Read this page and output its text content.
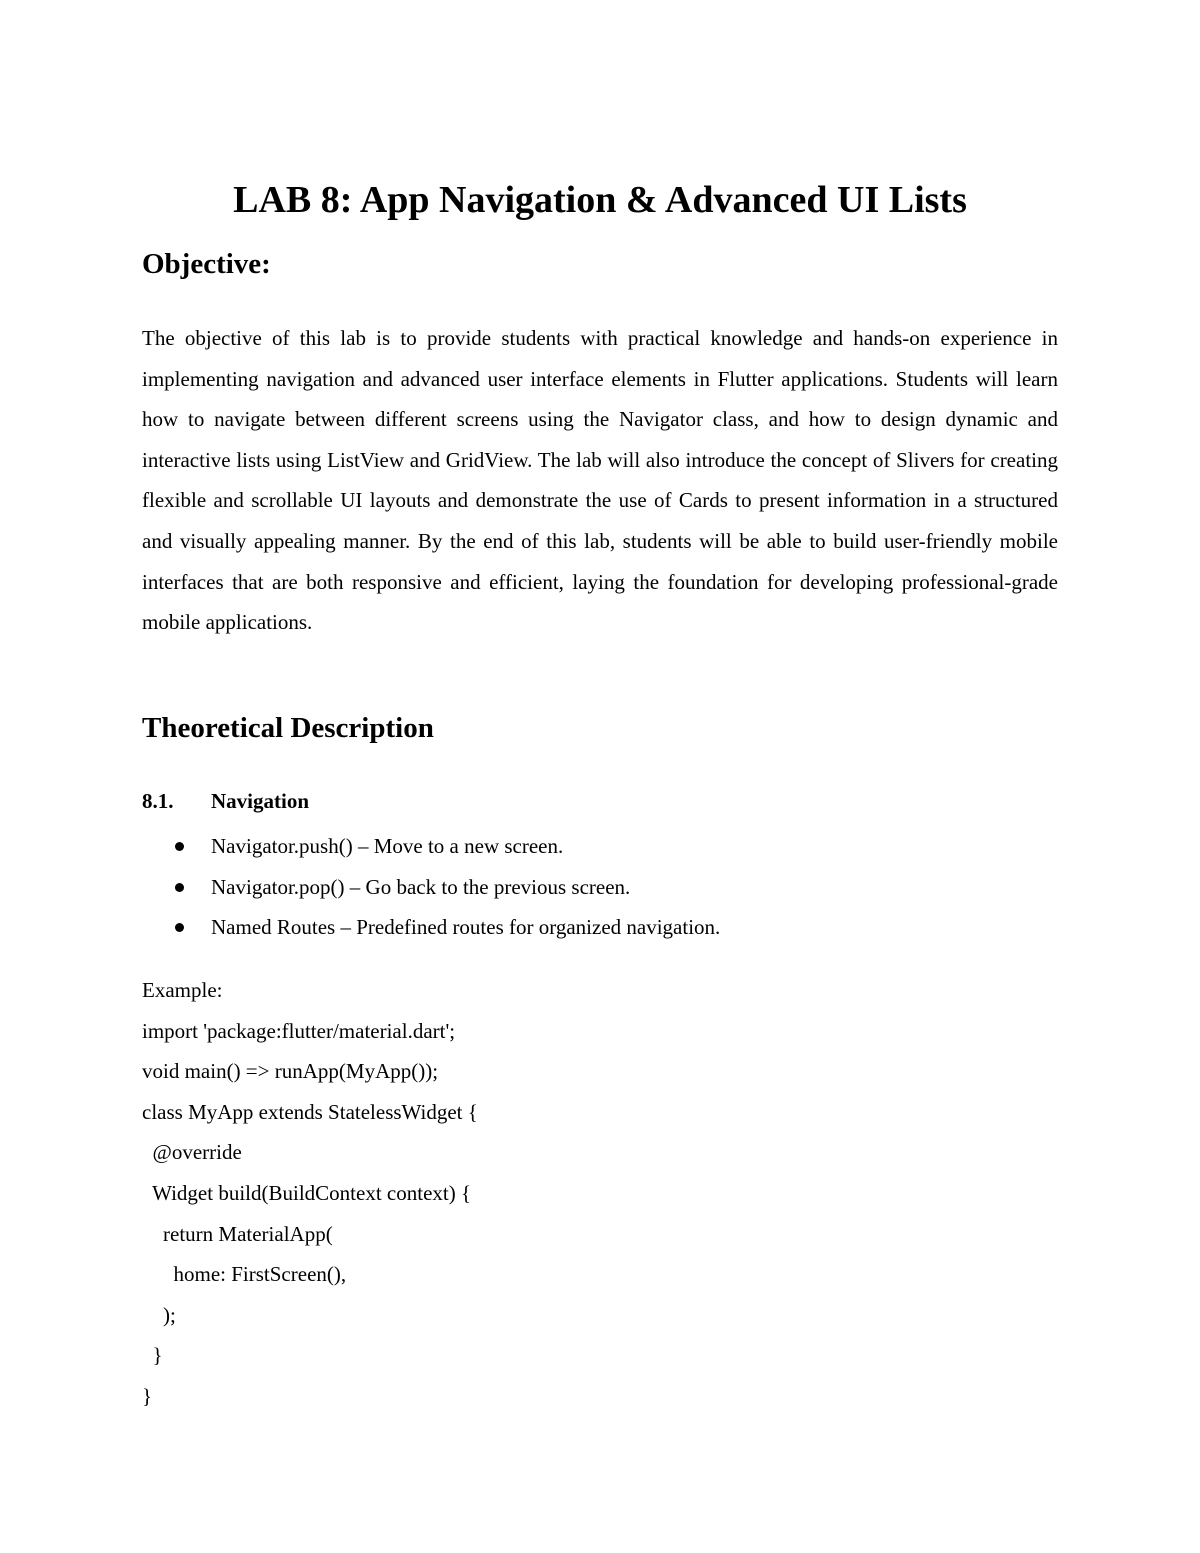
LAB 8: App Navigation & Advanced UI Lists
Objective:
The objective of this lab is to provide students with practical knowledge and hands-on experience in implementing navigation and advanced user interface elements in Flutter applications. Students will learn how to navigate between different screens using the Navigator class, and how to design dynamic and interactive lists using ListView and GridView. The lab will also introduce the concept of Slivers for creating flexible and scrollable UI layouts and demonstrate the use of Cards to present information in a structured and visually appealing manner. By the end of this lab, students will be able to build user-friendly mobile interfaces that are both responsive and efficient, laying the foundation for developing professional-grade mobile applications.
Theoretical Description
8.1. Navigation
Navigator.push() – Move to a new screen.
Navigator.pop() – Go back to the previous screen.
Named Routes – Predefined routes for organized navigation.
Example:
import 'package:flutter/material.dart';
void main() => runApp(MyApp());
class MyApp extends StatelessWidget {
@override
Widget build(BuildContext context) {
return MaterialApp(
home: FirstScreen(),
);
}
}
